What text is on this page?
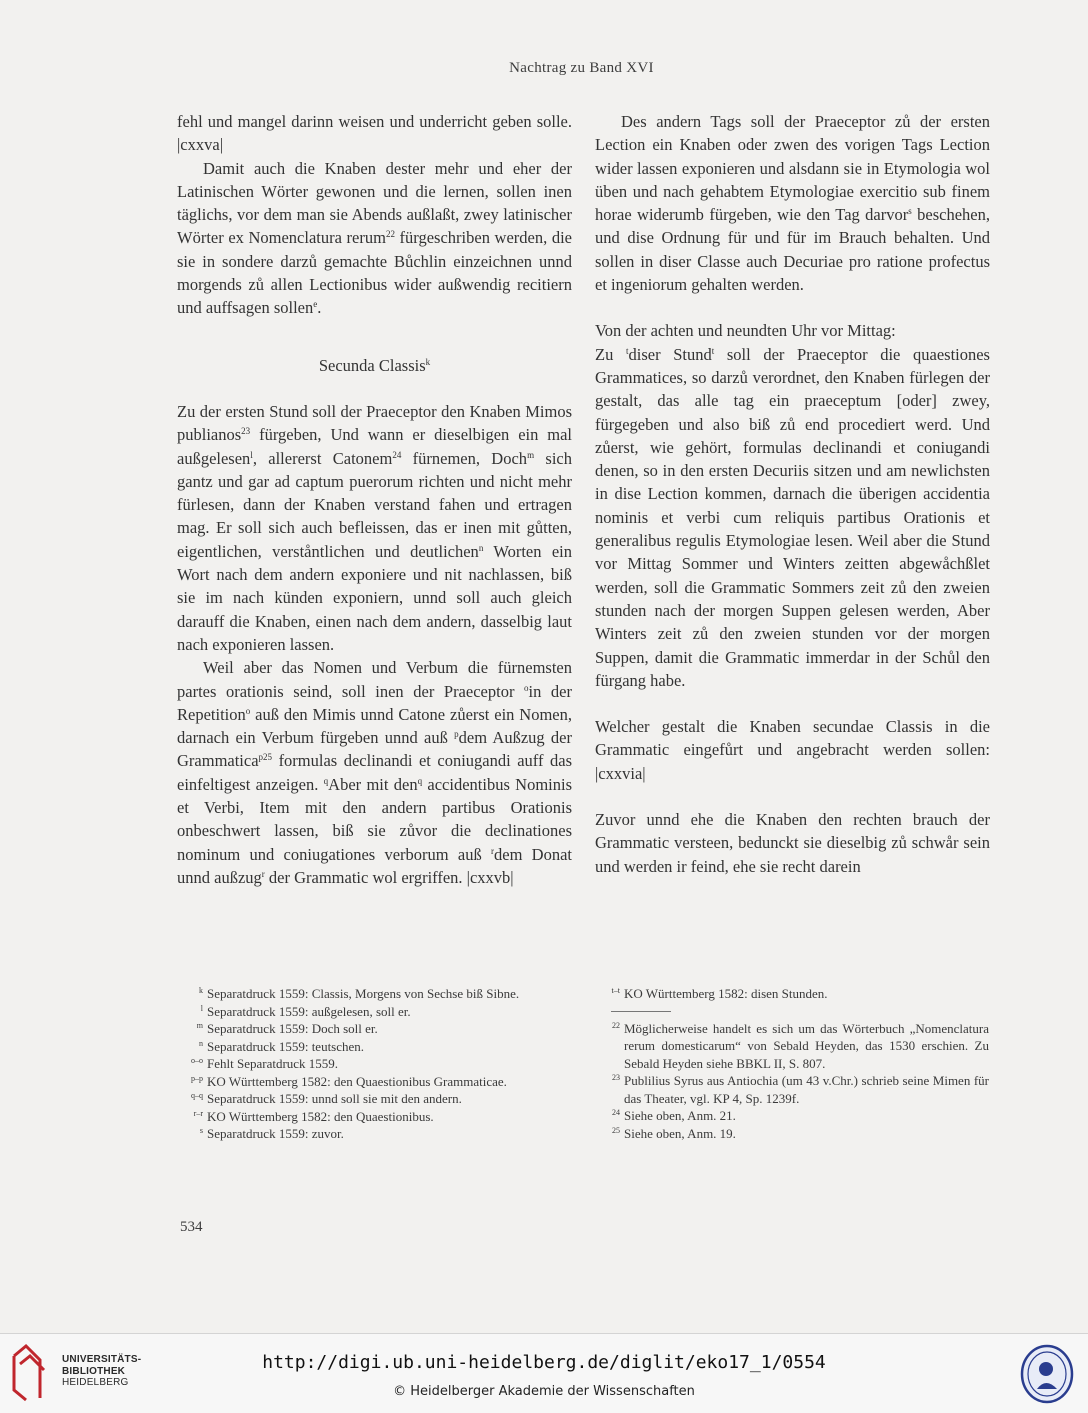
Nachtrag zu Band XVI

fehl und mangel darinn weisen und underricht geben solle. |cxxva|

Damit auch die Knaben dester mehr und eher der Latinischen Wörter gewonen und die lernen, sollen inen täglichs, vor dem man sie Abends außlaßt, zwey latinischer Wörter ex Nomenclatura rerum$^{22}$ fürgeschriben werden, die sie in sondere darzů gemachte Bůchlin einzeichnen unnd morgends zů allen Lectionibus wider außwendig recitiern und auffsagen sollen$^e$.

Secunda Classis$^k$

Zu der ersten Stund soll der Praeceptor den Knaben Mimos publianos$^{23}$ fürgeben, Und wann er dieselbigen ein mal außgelesen$^l$, allererst Catonem$^{24}$ fürnemen, Doch$^m$ sich gantz und gar ad captum puerorum richten und nicht mehr fürlesen, dann der Knaben verstand fahen und ertragen mag. Er soll sich auch befleissen, das er inen mit gůtten, eigentlichen, verståntlichen und deutlichen$^n$ Worten ein Wort nach dem andern exponiere und nit nachlassen, biß sie im nach künden exponiern, unnd soll auch gleich darauff die Knaben, einen nach dem andern, dasselbig laut nach exponieren lassen.

Weil aber das Nomen und Verbum die fürnemsten partes orationis seind, soll inen der Praeceptor $^o$in der Repetition$^o$ auß den Mimis unnd Catone zůerst ein Nomen, darnach ein Verbum fürgeben unnd auß $^p$dem Außzug der Grammatica$^{p25}$ formulas declinandi et coniugandi auff das einfeltigest anzeigen. $^q$Aber mit den$^q$ accidentibus Nominis et Verbi, Item mit den andern partibus Orationis onbeschwert lassen, biß sie zůvor die declinationes nominum und coniugationes verborum auß $^r$dem Donat unnd außzug$^r$ der Grammatic wol ergriffen. |cxxvb|

Des andern Tags soll der Praeceptor zů der ersten Lection ein Knaben oder zwen des vorigen Tags Lection wider lassen exponieren und alsdann sie in Etymologia wol üben und nach gehabtem Etymologiae exercitio sub finem horae widerumb fürgeben, wie den Tag darvor$^s$ beschehen, und dise Ordnung für und für im Brauch behalten. Und sollen in diser Classe auch Decuriae pro ratione profectus et ingeniorum gehalten werden.

Von der achten und neundten Uhr vor Mittag:

Zu $^t$diser Stund$^t$ soll der Praeceptor die quaestiones Grammatices, so darzů verordnet, den Knaben fürlegen der gestalt, das alle tag ein praeceptum [oder] zwey, fürgegeben und also biß zů end procediert werd. Und zůerst, wie gehört, formulas declinandi et coniugandi denen, so in den ersten Decuriis sitzen und am newlichsten in dise Lection kommen, darnach die überigen accidentia nominis et verbi cum reliquis partibus Orationis et generalibus regulis Etymologiae lesen. Weil aber die Stund vor Mittag Sommer und Winters zeitten abgewåchßlet werden, soll die Grammatic Sommers zeit zů den zweien stunden nach der morgen Suppen gelesen werden, Aber Winters zeit zů den zweien stunden vor der morgen Suppen, damit die Grammatic immerdar in der Schůl den fürgang habe.

Welcher gestalt die Knaben secundae Classis in die Grammatic eingefůrt und angebracht werden sollen: |cxxvia|

Zuvor unnd ehe die Knaben den rechten brauch der Grammatic versteen, bedunckt sie dieselbig zů schwår sein und werden ir feind, ehe sie recht darein

k Separatdruck 1559: Classis, Morgens von Sechse biß Sibne.
l Separatdruck 1559: außgelesen, soll er.
m Separatdruck 1559: Doch soll er.
n Separatdruck 1559: teutschen.
o–o Fehlt Separatdruck 1559.
p–p KO Württemberg 1582: den Quaestionibus Grammaticae.
q–q Separatdruck 1559: unnd soll sie mit den andern.
r–r KO Württemberg 1582: den Quaestionibus.
s Separatdruck 1559: zuvor.
t–t KO Württemberg 1582: disen Stunden.
22 Möglicherweise handelt es sich um das Wörterbuch „Nomenclatura rerum domesticarum“ von Sebald Heyden, das 1530 erschien. Zu Sebald Heyden siehe BBKL II, S. 807.
23 Publilius Syrus aus Antiochia (um 43 v.Chr.) schrieb seine Mimen für das Theater, vgl. KP 4, Sp. 1239f.
24 Siehe oben, Anm. 21.
25 Siehe oben, Anm. 19.
534
UNIVERSITÄTS-
BIBLIOTHEK
HEIDELBERG
http://digi.ub.uni-heidelberg.de/diglit/eko17_1/0554
© Heidelberger Akademie der Wissenschaften
